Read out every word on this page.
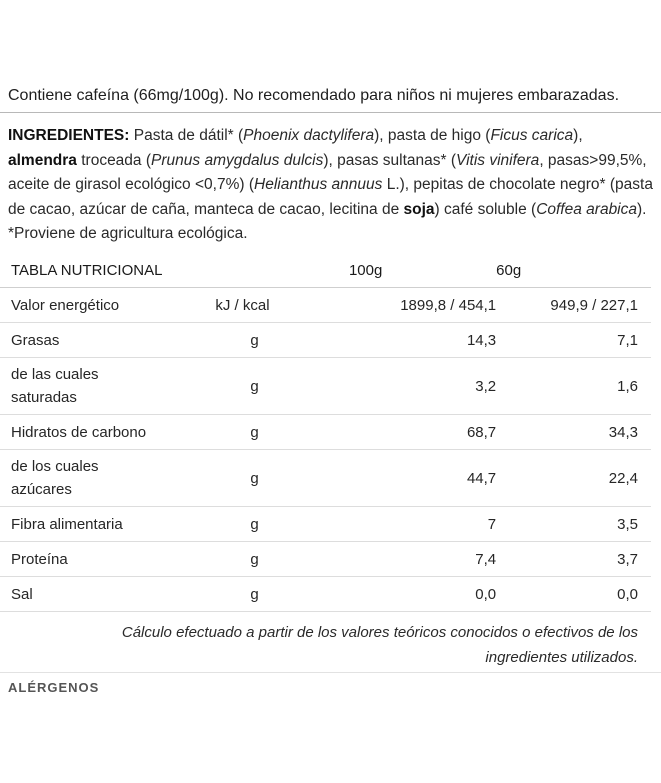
Contiene cafeína (66mg/100g). No recomendado para niños ni mujeres embarazadas.
INGREDIENTES: Pasta de dátil* (Phoenix dactylifera), pasta de higo (Ficus carica), almendra troceada (Prunus amygdalus dulcis), pasas sultanas* (Vitis vinifera, pasas>99,5%, aceite de girasol ecológico <0,7%) (Helianthus annuus L.), pepitas de chocolate negro* (pasta de cacao, azúcar de caña, manteca de cacao, lecitina de soja) café soluble (Coffea arabica). *Proviene de agricultura ecológica.
TABLA NUTRICIONAL		100g	60g
Valor energético	kJ / kcal	1899,8 / 454,1	949,9 / 227,1
Grasas	g	14,3	7,1

de las cuales saturadas	g	3,2	1,6
Hidratos de carbono	g	68,7	34,3

de los cuales azúcares	g	44,7	22,4
Fibra alimentaria	g	7	3,5
Proteína	g	7,4	3,7
Sal	g	0,0	0,0
Cálculo efectuado a partir de los valores teóricos conocidos o efectivos de los ingredientes utilizados.
ALÉRGENOS
